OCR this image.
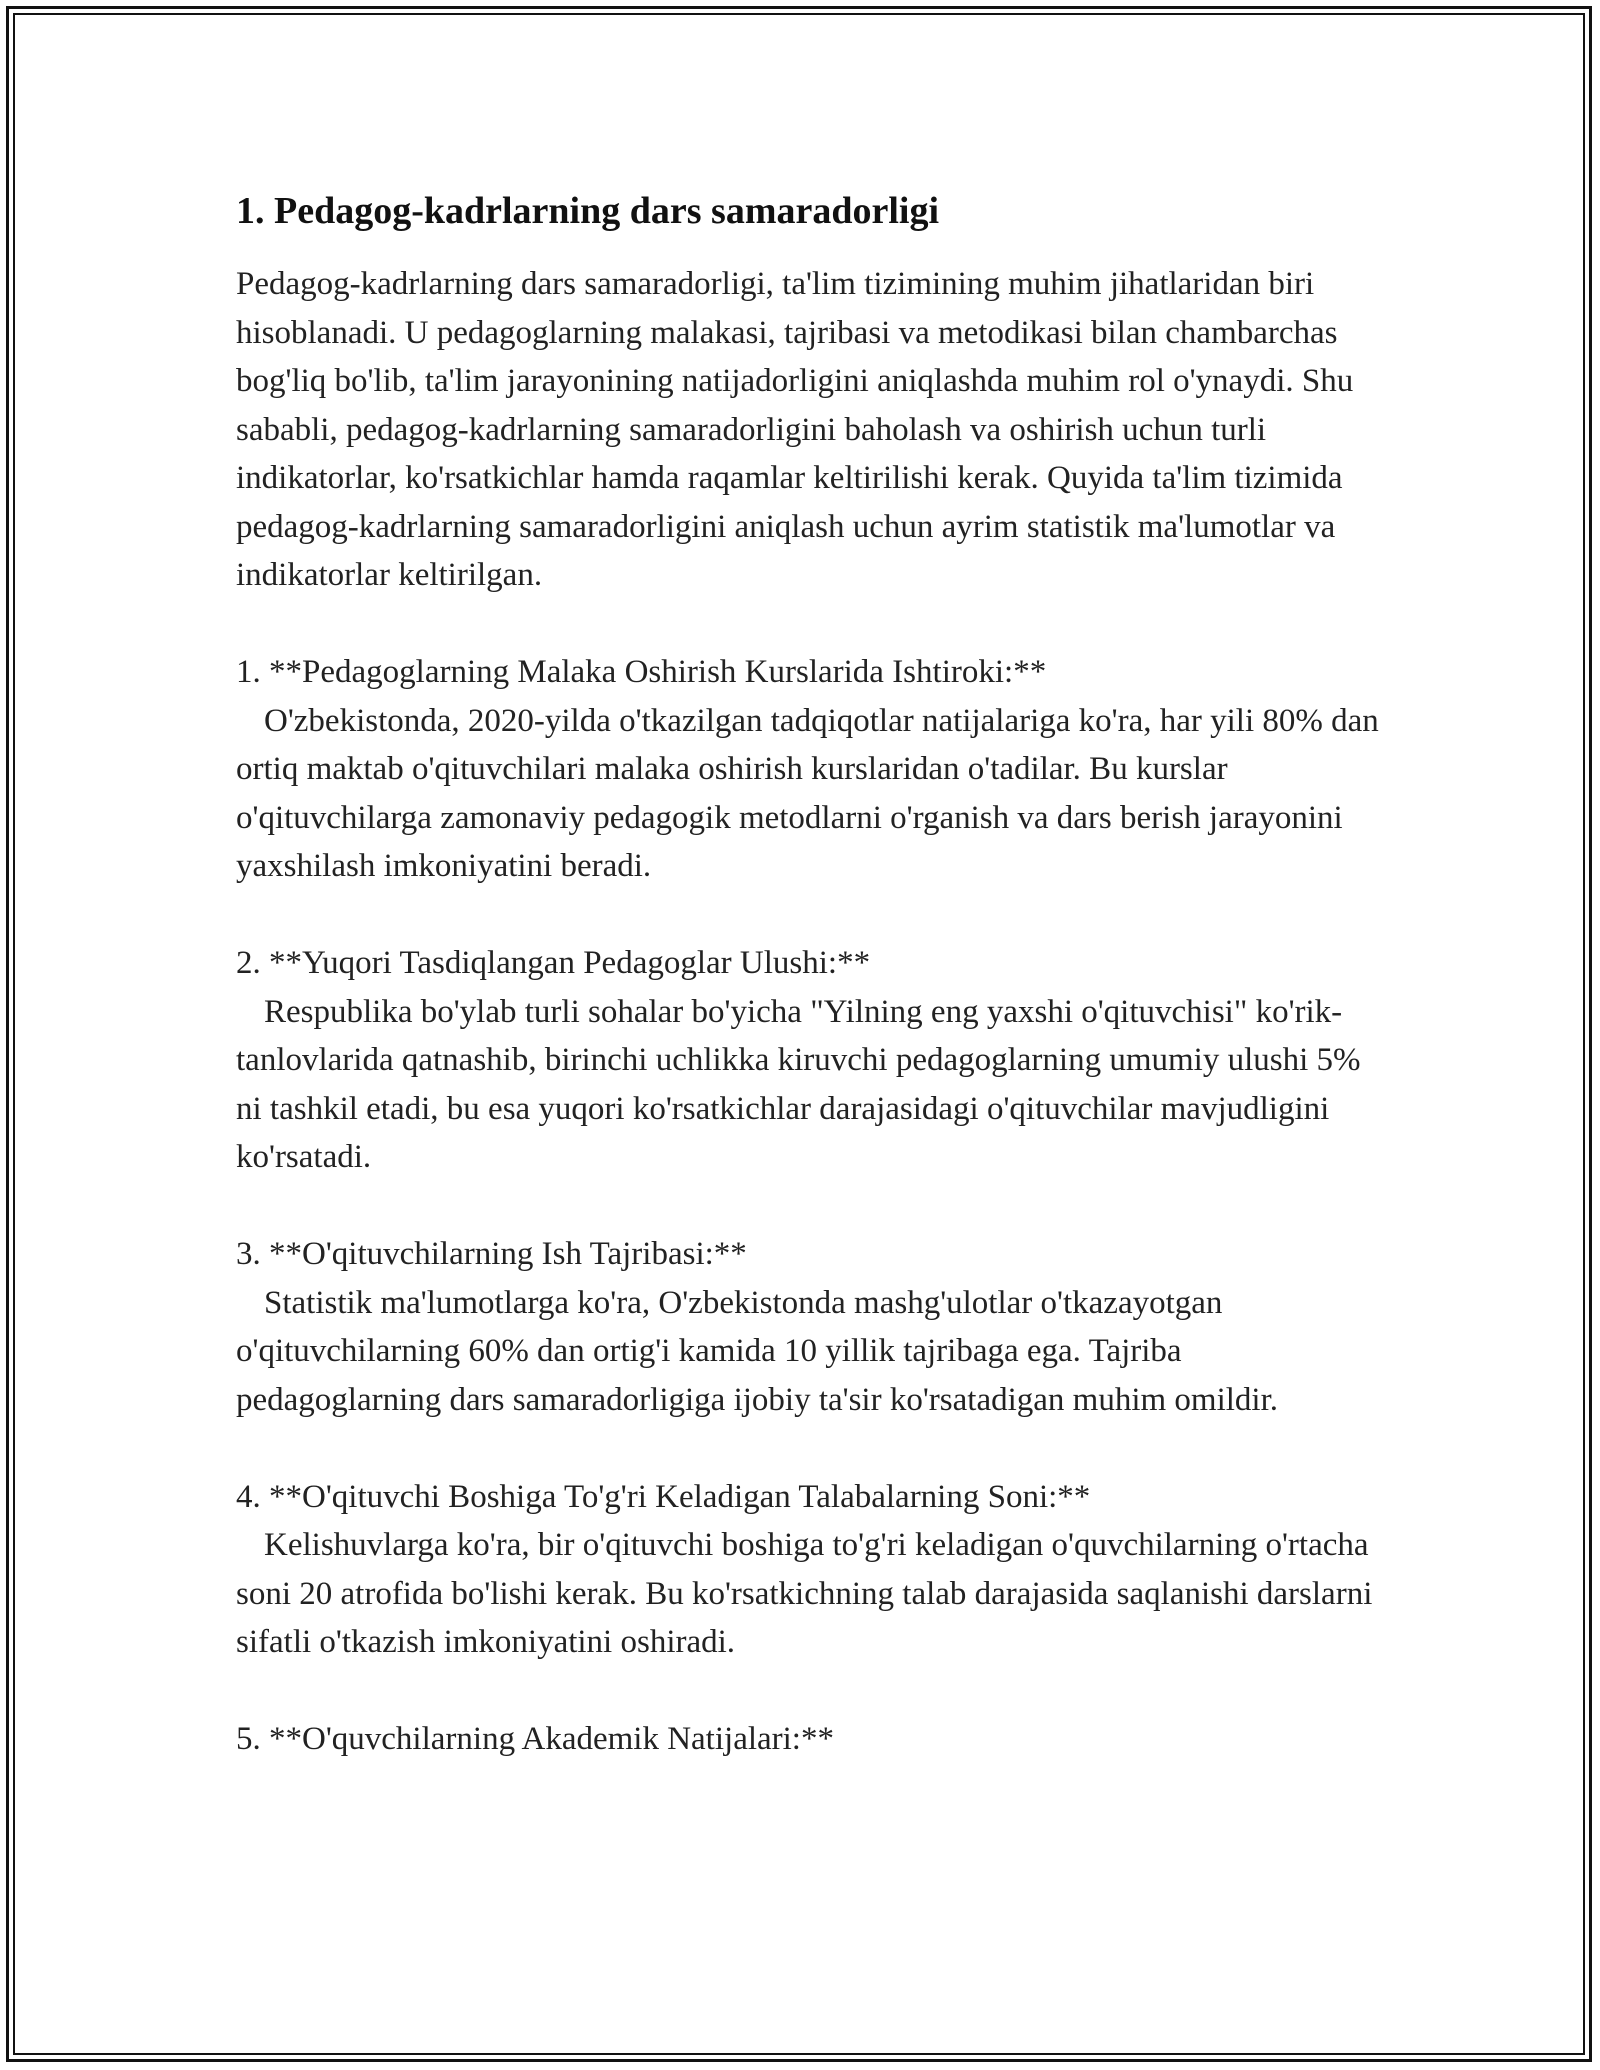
1. Pedagog-kadrlarning dars samaradorligi

Pedagog-kadrlarning dars samaradorligi, ta'lim tizimining muhim jihatlaridan biri hisoblanadi. U pedagoglarning malakasi, tajribasi va metodikasi bilan chambarchas bog'liq bo'lib, ta'lim jarayonining natijadorligini aniqlashda muhim rol o'ynaydi. Shu sababli, pedagog-kadrlarning samaradorligini baholash va oshirish uchun turli indikatorlar, ko'rsatkichlar hamda raqamlar keltirilishi kerak. Quyida ta'lim tizimida pedagog-kadrlarning samaradorligini aniqlash uchun ayrim statistik ma'lumotlar va indikatorlar keltirilgan.

1. **Pedagoglarning Malaka Oshirish Kurslarida Ishtiroki:**

O'zbekistonda, 2020-yilda o'tkazilgan tadqiqotlar natijalariga ko'ra, har yili 80% dan ortiq maktab o'qituvchilari malaka oshirish kurslaridan o'tadilar. Bu kurslar o'qituvchilarga zamonaviy pedagogik metodlarni o'rganish va dars berish jarayonini yaxshilash imkoniyatini beradi.

2. **Yuqori Tasdiqlangan Pedagoglar Ulushi:**

Respublika bo'ylab turli sohalar bo'yicha "Yilning eng yaxshi o'qituvchisi" ko'rik-tanlovlarida qatnashib, birinchi uchlikka kiruvchi pedagoglarning umumiy ulushi 5% ni tashkil etadi, bu esa yuqori ko'rsatkichlar darajasidagi o'qituvchilar mavjudligini ko'rsatadi.

3. **O'qituvchilarning Ish Tajribasi:**

Statistik ma'lumotlarga ko'ra, O'zbekistonda mashg'ulotlar o'tkazayotgan o'qituvchilarning 60% dan ortig'i kamida 10 yillik tajribaga ega. Tajriba pedagoglarning dars samaradorligiga ijobiy ta'sir ko'rsatadigan muhim omildir.

4. **O'qituvchi Boshiga To'g'ri Keladigan Talabalarning Soni:**

Kelishuvlarga ko'ra, bir o'qituvchi boshiga to'g'ri keladigan o'quvchilarning o'rtacha soni 20 atrofida bo'lishi kerak. Bu ko'rsatkichning talab darajasida saqlanishi darslarni sifatli o'tkazish imkoniyatini oshiradi.

5. **O'quvchilarning Akademik Natijalari:**
